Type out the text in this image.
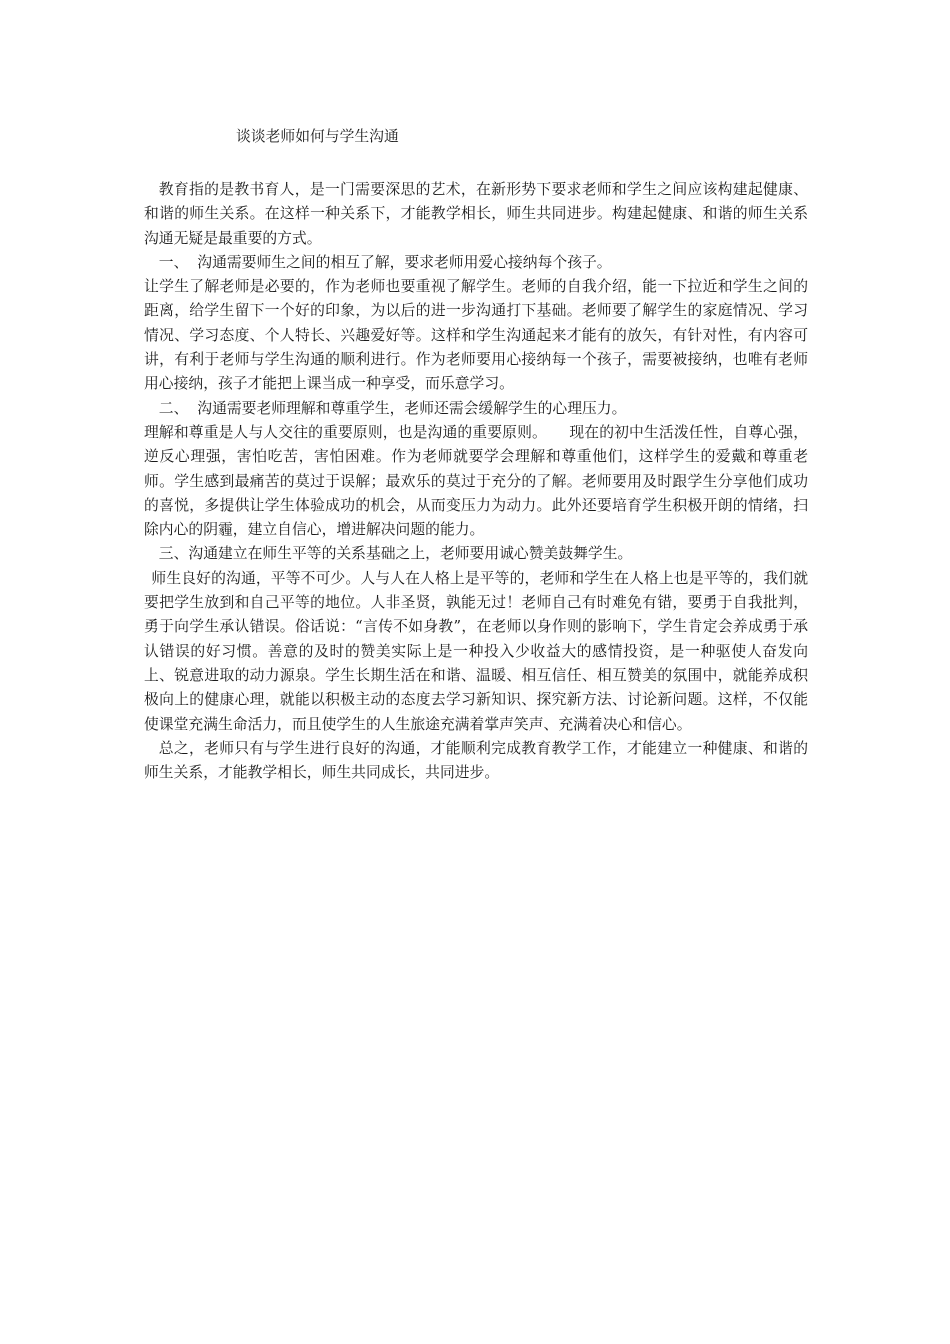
谈谈老师如何与学生沟通

教育指的是教书育人，是一门需要深思的艺术，在新形势下要求老师和学生之间应该构建起健康、和谐的师生关系。在这样一种关系下，才能教学相长，师生共同进步。构建起健康、和谐的师生关系沟通无疑是最重要的方式。

一、 沟通需要师生之间的相互了解，要求老师用爱心接纳每个孩子。

让学生了解老师是必要的，作为老师也要重视了解学生。老师的自我介绍，能一下拉近和学生之间的距离，给学生留下一个好的印象，为以后的进一步沟通打下基础。老师要了解学生的家庭情况、学习情况、学习态度、个人特长、兴趣爱好等。这样和学生沟通起来才能有的放矢，有针对性，有内容可讲，有利于老师与学生沟通的顺利进行。作为老师要用心接纳每一个孩子，需要被接纳，也唯有老师用心接纳，孩子才能把上课当成一种享受，而乐意学习。

二、 沟通需要老师理解和尊重学生，老师还需会缓解学生的心理压力。

理解和尊重是人与人交往的重要原则，也是沟通的重要原则。　　现在的初中生活泼任性，自尊心强，逆反心理强，害怕吃苦，害怕困难。作为老师就要学会理解和尊重他们，这样学生的爱戴和尊重老师。学生感到最痛苦的莫过于误解；最欢乐的莫过于充分的了解。老师要用及时跟学生分享他们成功的喜悦，多提供让学生体验成功的机会，从而变压力为动力。此外还要培育学生积极开朗的情绪，扫除内心的阴霾，建立自信心，增进解决问题的能力。

三、沟通建立在师生平等的关系基础之上，老师要用诚心赞美鼓舞学生。

师生良好的沟通，平等不可少。人与人在人格上是平等的，老师和学生在人格上也是平等的，我们就要把学生放到和自己平等的地位。人非圣贤，孰能无过！老师自己有时难免有错，要勇于自我批判，勇于向学生承认错误。俗话说：“言传不如身教”，在老师以身作则的影响下，学生肯定会养成勇于承认错误的好习惯。善意的及时的赞美实际上是一种投入少收益大的感情投资，是一种驱使人奋发向上、锐意进取的动力源泉。学生长期生活在和谐、温暖、相互信任、相互赞美的氛围中，就能养成积极向上的健康心理，就能以积极主动的态度去学习新知识、探究新方法、讨论新问题。这样，不仅能使课堂充满生命活力，而且使学生的人生旅途充满着掌声笑声、充满着决心和信心。

总之，老师只有与学生进行良好的沟通，才能顺利完成教育教学工作，才能建立一种健康、和谐的师生关系，才能教学相长，师生共同成长，共同进步。
